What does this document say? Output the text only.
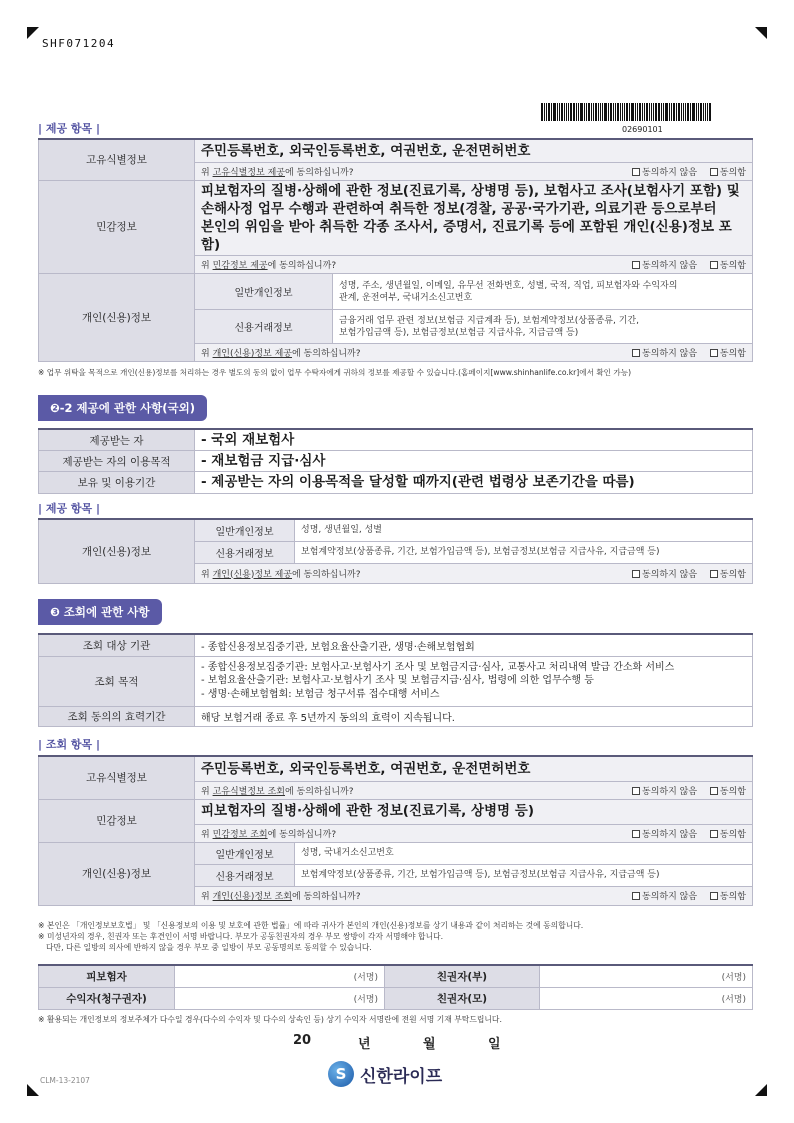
SHF071204
02690101
| 제공 항목 |
고유식별정보	주민등록번호, 외국인등록번호, 여권번호, 운전면허번호	

	위 고유식별정보 제공에 동의하십니까? 동의하지 않음 동의함	

민감정보	피보험자의 질병·상해에 관한 정보(진료기록, 상병명 등), 보험사고 조사(보험사기 포함) 및
손해사정 업무 수행과 관련하여 취득한 정보(경찰, 공공·국가기관, 의료기관 등으로부터
본인의 위임을 받아 취득한 각종 조사서, 증명서, 진료기록 등에 포함된 개인(신용)정보 포함)	

	위 민감정보 제공에 동의하십니까? 동의하지 않음 동의함	

개인(신용)정보	일반개인정보	성명, 주소, 생년월일, 이메일, 유무선 전화번호, 성별, 국적, 직업, 피보험자와 수익자의
관계, 운전여부, 국내거소신고번호

	신용거래정보	금융거래 업무 관련 정보(보험금 지급계좌 등), 보험계약정보(상품종류, 기간,
보험가입금액 등), 보험금정보(보험금 지급사유, 지급금액 등)

	위 개인(신용)정보 제공에 동의하십니까? 동의하지 않음 동의함	
※ 업무 위탁을 목적으로 개인(신용)정보를 처리하는 경우 별도의 동의 없이 업무 수탁자에게 귀하의 정보를 제공할 수 있습니다.(홈페이지[www.shinhanlife.co.kr]에서 확인 가능)
❷-2 제공에 관한 사항(국외)
제공받는 자	- 국외 재보험사
제공받는 자의 이용목적	- 재보험금 지급·심사
보유 및 이용기간	- 제공받는 자의 이용목적을 달성할 때까지(관련 법령상 보존기간을 따름)
| 제공 항목 |
개인(신용)정보	일반개인정보	성명, 생년월일, 성별
	신용거래정보	보험계약정보(상품종류, 기간, 보험가입금액 등), 보험금정보(보험금 지급사유, 지급금액 등)

	위 개인(신용)정보 제공에 동의하십니까? 동의하지 않음 동의함	
❸ 조회에 관한 사항
조회 대상 기관	- 종합신용정보집중기관, 보험요율산출기관, 생명·손해보험협회
조회 목적	- 종합신용정보집중기관: 보험사고·보험사기 조사 및 보험금지급·심사, 교통사고 처리내역 발급 간소화 서비스
- 보험요율산출기관: 보험사고·보험사기 조사 및 보험금지급·심사, 법령에 의한 업무수행 등
- 생명·손해보험협회: 보험금 청구서류 접수대행 서비스

조회 동의의 효력기간	해당 보험거래 종료 후 5년까지 동의의 효력이 지속됩니다.
| 조회 항목 |
고유식별정보	주민등록번호, 외국인등록번호, 여권번호, 운전면허번호	

	위 고유식별정보 조회에 동의하십니까? 동의하지 않음 동의함	

민감정보	피보험자의 질병·상해에 관한 정보(진료기록, 상병명 등)	

	위 민감정보 조회에 동의하십니까? 동의하지 않음 동의함	

개인(신용)정보	일반개인정보	성명, 국내거소신고번호
	신용거래정보	보험계약정보(상품종류, 기간, 보험가입금액 등), 보험금정보(보험금 지급사유, 지급금액 등)

	위 개인(신용)정보 조회에 동의하십니까? 동의하지 않음 동의함	
※ 본인은 「개인정보보호법」 및 「신용정보의 이용 및 보호에 관한 법률」에 따라 귀사가 본인의 개인(신용)정보를 상기 내용과 같이 처리하는 것에 동의합니다.
※ 미성년자의 경우, 친권자 또는 후견인이 서명 바랍니다. 부모가 공동친권자의 경우 부모 쌍방이 각자 서명해야 합니다.
다만, 다른 일방의 의사에 반하지 않을 경우 부모 중 일방이 부모 공동명의로 동의할 수 있습니다.
피보험자	(서명)	친권자(부)	(서명)
수익자(청구권자)	(서명)	친권자(모)	(서명)
※ 활용되는 개인정보의 정보주체가 다수일 경우(다수의 수익자 및 다수의 상속인 등) 상기 수익자 서명란에 전원 서명 기재 부탁드립니다.
20	년	월	일
S 신한라이프
CLM-13-2107
